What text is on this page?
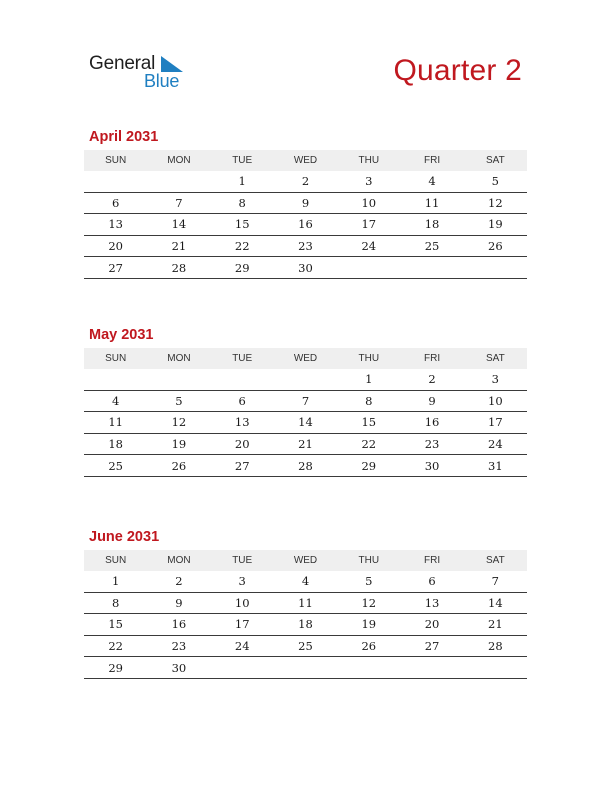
General
Blue	Quarter 2
April 2031
SUN	MON	TUE	WED	THU	FRI	SAT
		1	2	3	4	5
6	7	8	9	10	11	12
13	14	15	16	17	18	19
20	21	22	23	24	25	26
27	28	29	30			
May 2031
SUN	MON	TUE	WED	THU	FRI	SAT
				1	2	3
4	5	6	7	8	9	10
11	12	13	14	15	16	17
18	19	20	21	22	23	24
25	26	27	28	29	30	31
June 2031
SUN	MON	TUE	WED	THU	FRI	SAT
1	2	3	4	5	6	7
8	9	10	11	12	13	14
15	16	17	18	19	20	21
22	23	24	25	26	27	28
29	30					
